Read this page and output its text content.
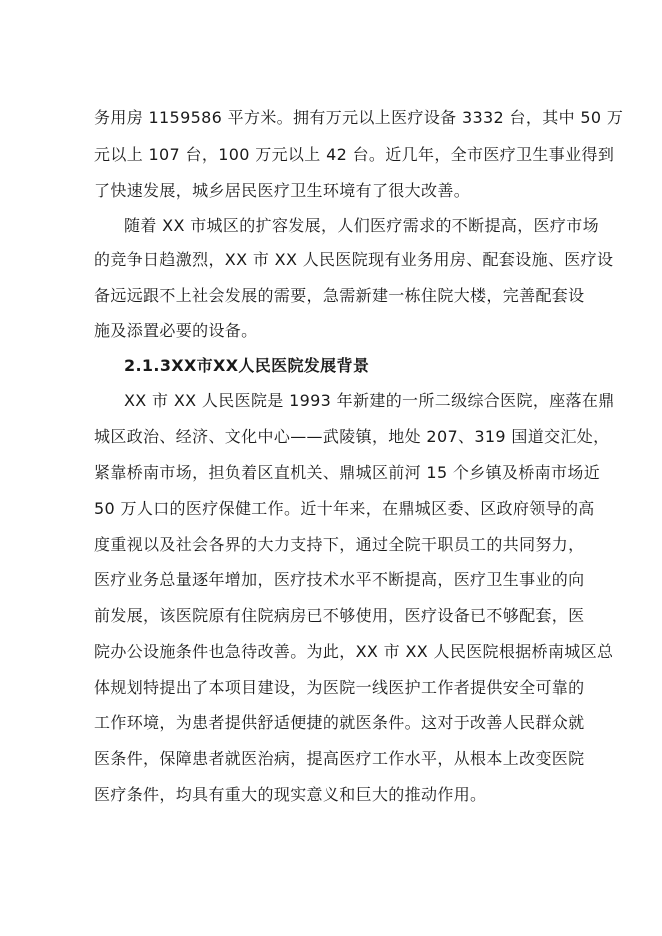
务用房 1159586 平方米。拥有万元以上医疗设备 3332 台，其中 50 万
元以上 107 台，100 万元以上 42 台。近几年，全市医疗卫生事业得到
了快速发展，城乡居民医疗卫生环境有了很大改善。
随着 XX 市城区的扩容发展，人们医疗需求的不断提高，医疗市场
的竞争日趋激烈，XX 市 XX 人民医院现有业务用房、配套设施、医疗设
备远远跟不上社会发展的需要，急需新建一栋住院大楼，完善配套设
施及添置必要的设备。
2.1.3XX市XX人民医院发展背景
XX 市 XX 人民医院是 1993 年新建的一所二级综合医院，座落在鼎
城区政治、经济、文化中心——武陵镇，地处 207、319 国道交汇处，
紧靠桥南市场，担负着区直机关、鼎城区前河 15 个乡镇及桥南市场近
50 万人口的医疗保健工作。近十年来，在鼎城区委、区政府领导的高
度重视以及社会各界的大力支持下，通过全院干职员工的共同努力，
医疗业务总量逐年增加，医疗技术水平不断提高，医疗卫生事业的向
前发展，该医院原有住院病房已不够使用，医疗设备已不够配套，医
院办公设施条件也急待改善。为此，XX 市 XX 人民医院根据桥南城区总
体规划特提出了本项目建设，为医院一线医护工作者提供安全可靠的
工作环境，为患者提供舒适便捷的就医条件。这对于改善人民群众就
医条件，保障患者就医治病，提高医疗工作水平，从根本上改变医院
医疗条件，均具有重大的现实意义和巨大的推动作用。
